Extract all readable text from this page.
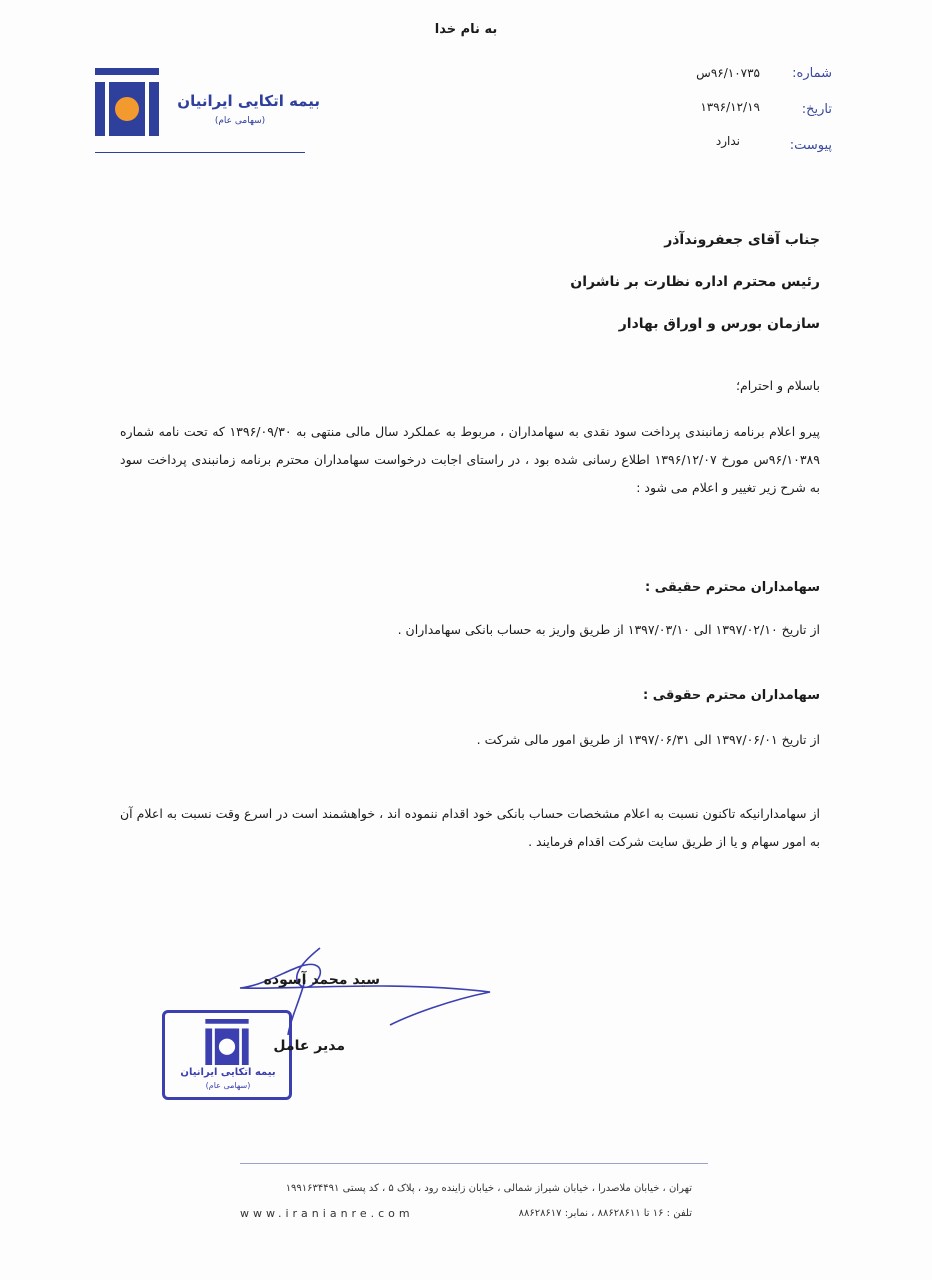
به نام خدا
بیمه اتکایی ایرانیان
(سهامی عام)
شماره:
۹۶/۱۰۷۳۵س
تاریخ:
۱۳۹۶/۱۲/۱۹
پیوست:
ندارد
جناب آقای جعفروندآذر
رئیس محترم اداره نظارت بر ناشران
سازمان بورس و اوراق بهادار
باسلام و احترام؛
پیرو اعلام برنامه زمانبندی پرداخت سود نقدی به سهامداران ، مربوط به عملکرد سال مالی منتهی به ۱۳۹۶/۰۹/۳۰ که تحت نامه شماره ۹۶/۱۰۳۸۹س مورخ ۱۳۹۶/۱۲/۰۷ اطلاع رسانی شده بود ، در راستای اجابت درخواست سهامداران محترم برنامه زمانبندی پرداخت سود به شرح زیر تغییر و اعلام می شود :
سهامداران محترم حقیقی :
از تاریخ ۱۳۹۷/۰۲/۱۰ الی ۱۳۹۷/۰۳/۱۰ از طریق واریز به حساب بانکی سهامداران .
سهامداران محترم حقوقی :
از تاریخ ۱۳۹۷/۰۶/۰۱ الی ۱۳۹۷/۰۶/۳۱ از طریق امور مالی شرکت .
از سهامدارانیکه تاکنون نسبت به اعلام مشخصات حساب بانکی خود اقدام ننموده اند ، خواهشمند است در اسرع وقت نسبت به اعلام آن به امور سهام و یا از طریق سایت شرکت اقدام فرمایند .
بیمه اتکایی ایرانیان
(سهامی عام)
سید محمد آسوده
مدیر عامل
تهران ، خیابان ملاصدرا ، خیابان شیراز شمالی ، خیابان زاینده رود ، پلاک ۵ ، کد پستی ۱۹۹۱۶۳۴۴۹۱
تلفن : ۱۶ تا ۸۸۶۲۸۶۱۱ ، نمابر: ۸۸۶۲۸۶۱۷
www.iranianre.com
